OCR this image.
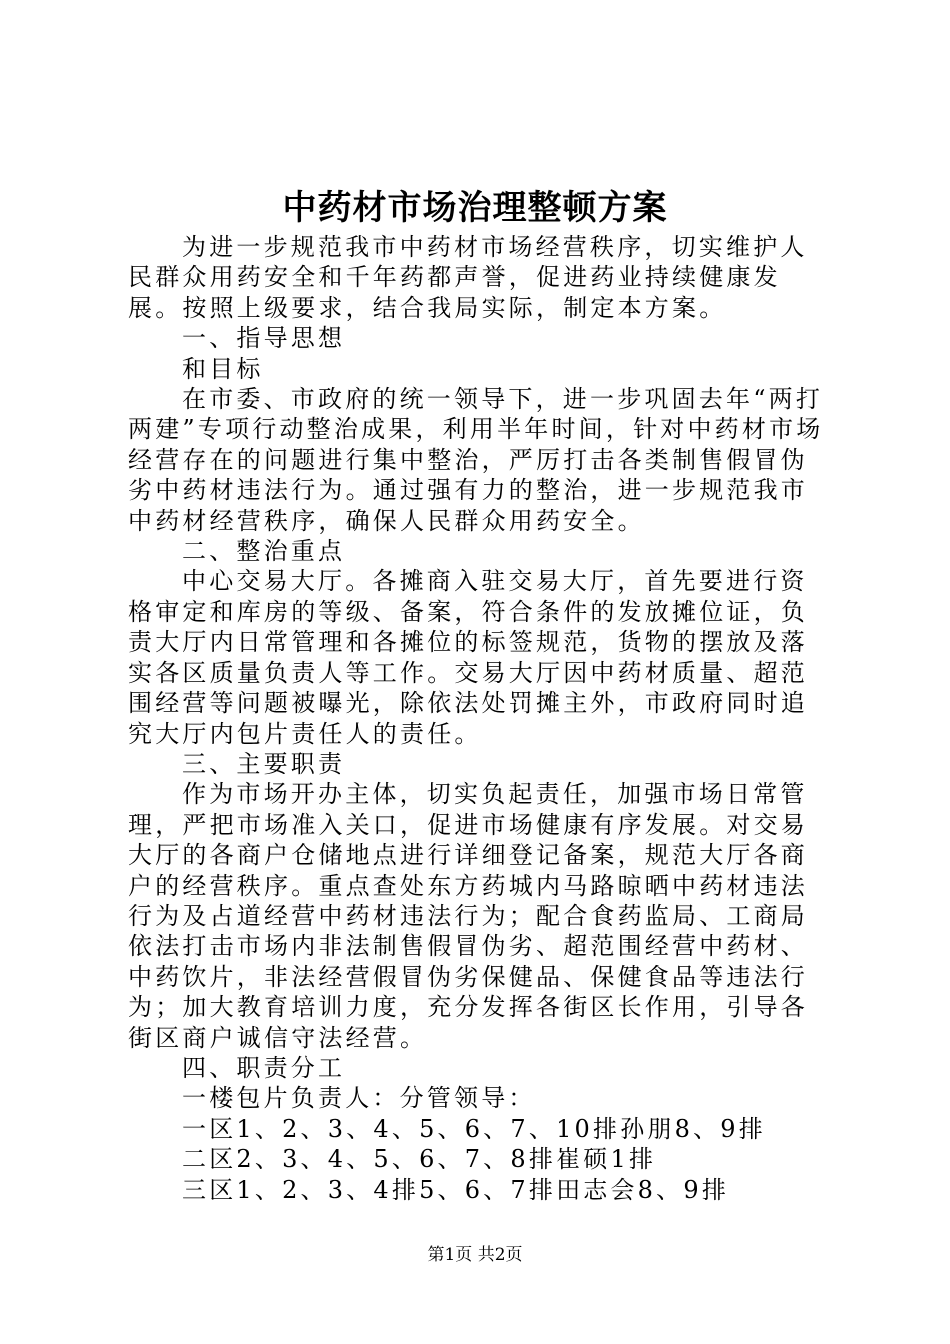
中药材市场治理整顿方案

为进一步规范我市中药材市场经营秩序，切实维护人民群众用药安全和千年药都声誉，促进药业持续健康发展。按照上级要求，结合我局实际，制定本方案。

一、指导思想

和目标

在市委、市政府的统一领导下，进一步巩固去年“两打两建”专项行动整治成果，利用半年时间，针对中药材市场经营存在的问题进行集中整治，严厉打击各类制售假冒伪劣中药材违法行为。通过强有力的整治，进一步规范我市中药材经营秩序，确保人民群众用药安全。

二、整治重点

中心交易大厅。各摊商入驻交易大厅，首先要进行资格审定和库房的等级、备案，符合条件的发放摊位证，负责大厅内日常管理和各摊位的标签规范，货物的摆放及落实各区质量负责人等工作。交易大厅因中药材质量、超范围经营等问题被曝光，除依法处罚摊主外，市政府同时追究大厅内包片责任人的责任。

三、主要职责

作为市场开办主体，切实负起责任，加强市场日常管理，严把市场准入关口，促进市场健康有序发展。对交易大厅的各商户仓储地点进行详细登记备案，规范大厅各商户的经营秩序。重点查处东方药城内马路晾晒中药材违法行为及占道经营中药材违法行为；配合食药监局、工商局依法打击市场内非法制售假冒伪劣、超范围经营中药材、中药饮片，非法经营假冒伪劣保健品、保健食品等违法行为；加大教育培训力度，充分发挥各街区长作用，引导各街区商户诚信守法经营。

四、职责分工

一楼包片负责人：分管领导：

一区1、2、3、4、5、6、7、10排孙朋8、9排

二区2、3、4、5、6、7、8排崔硕1排

三区1、2、3、4排5、6、7排田志会8、9排

第1页 共2页
